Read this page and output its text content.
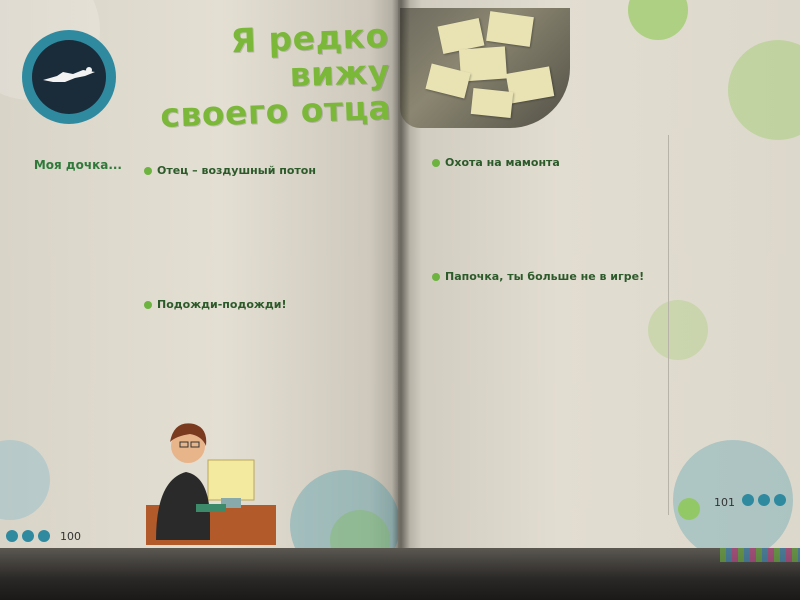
Я редко вижу своего отца
Моя дочка...	Отец – воздушный потон
Подожди-подожди!
100
Охота на мамонта
Папочка, ты больше не в игре!
101
